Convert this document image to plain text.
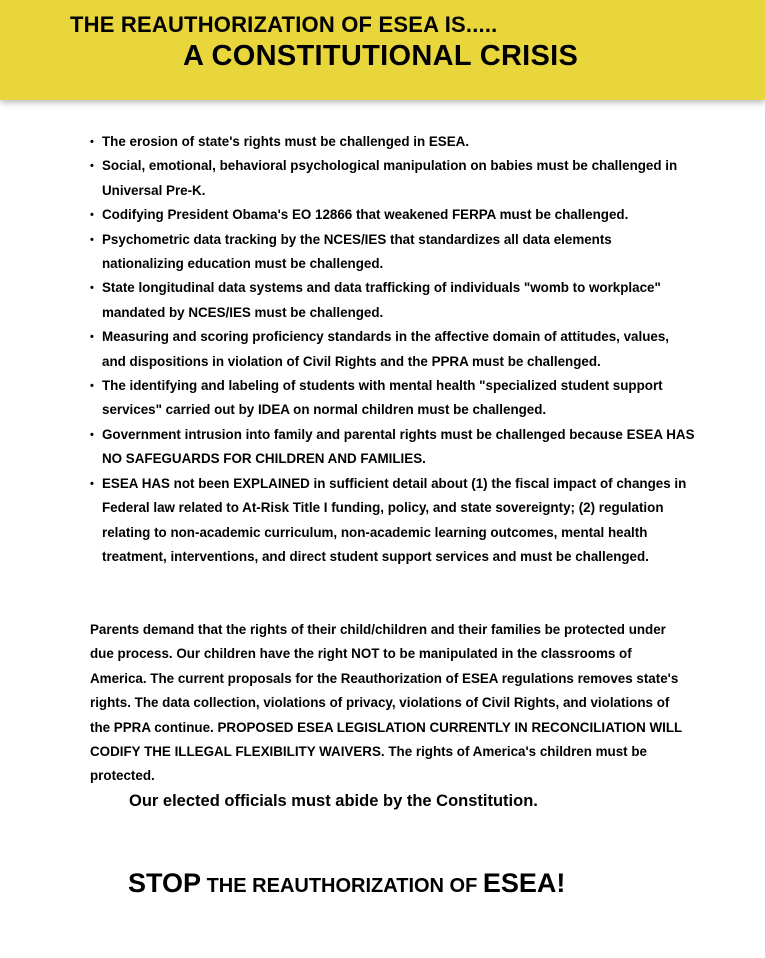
THE REAUTHORIZATION OF ESEA IS.....
A CONSTITUTIONAL CRISIS
• The erosion of state's rights must be challenged in ESEA.
• Social, emotional, behavioral psychological manipulation on babies must be challenged in Universal Pre-K.
• Codifying President Obama's EO 12866 that weakened FERPA must be challenged.
• Psychometric data tracking by the NCES/IES that standardizes all data elements nationalizing education must be challenged.
• State longitudinal data systems and data trafficking of individuals "womb to workplace" mandated by NCES/IES must be challenged.
• Measuring and scoring proficiency standards in the affective domain of attitudes, values, and dispositions in violation of Civil Rights and the PPRA must be challenged.
• The identifying and labeling of students with mental health "specialized student support services" carried out by IDEA on normal children must be challenged.
• Government intrusion into family and parental rights must be challenged because ESEA HAS NO SAFEGUARDS FOR CHILDREN AND FAMILIES.
• ESEA HAS not been EXPLAINED in sufficient detail about (1) the fiscal impact of changes in Federal law related to At-Risk Title I funding, policy, and state sovereignty; (2) regulation relating to non-academic curriculum, non-academic learning outcomes, mental health treatment, interventions, and direct student support services and must be challenged.
Parents demand that the rights of their child/children and their families be protected under due process. Our children have the right NOT to be manipulated in the classrooms of America. The current proposals for the Reauthorization of ESEA regulations removes state's rights. The data collection, violations of privacy, violations of Civil Rights, and violations of the PPRA continue. PROPOSED ESEA LEGISLATION CURRENTLY IN RECONCILIATION WILL CODIFY THE ILLEGAL FLEXIBILITY WAIVERS. The rights of America's children must be protected.
Our elected officials must abide by the Constitution.
STOP THE REAUTHORIZATION OF ESEA!
